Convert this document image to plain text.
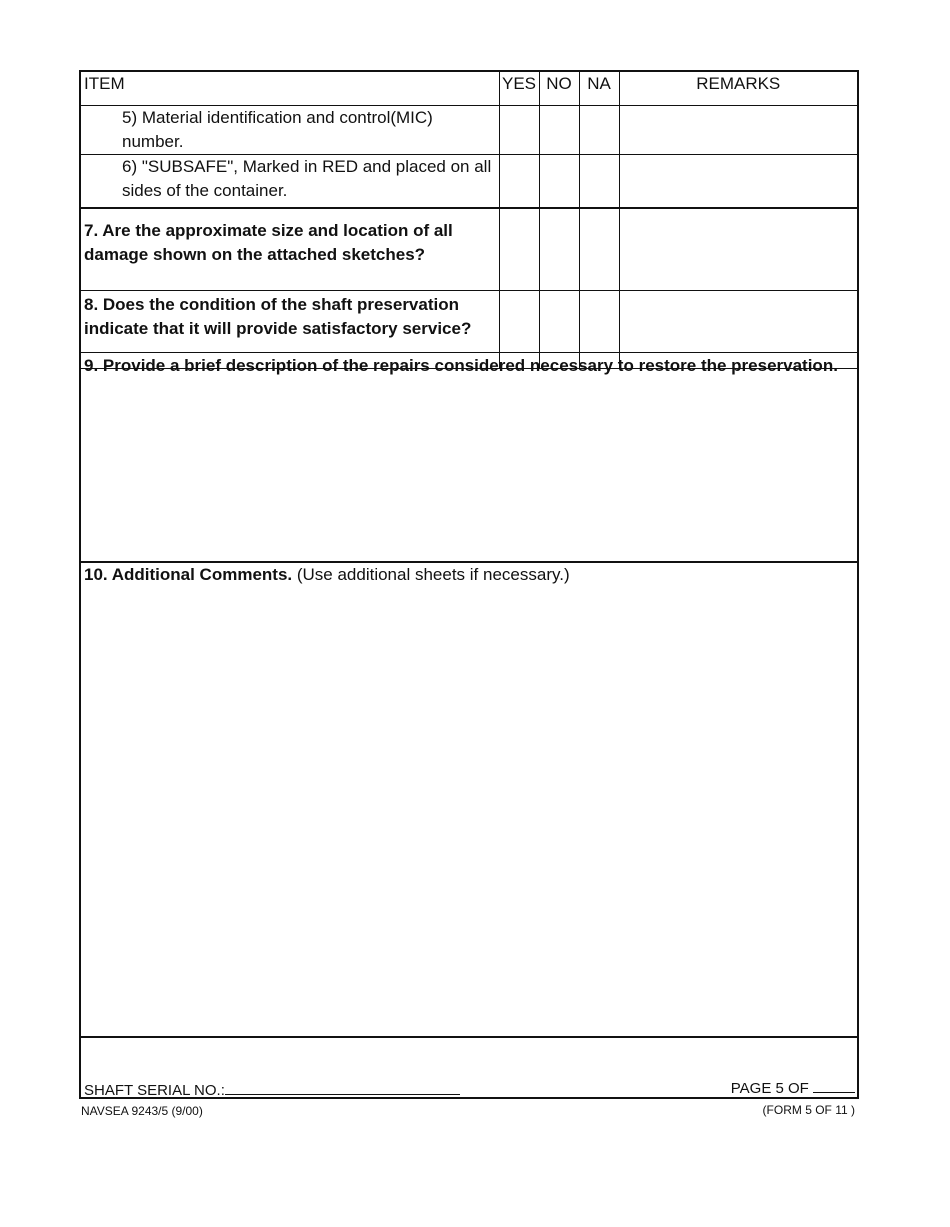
ITEM	YES	NO	NA	REMARKS
5) Material identification and control(MIC) number.				
6) "SUBSAFE", Marked in RED and placed on all sides of the container.				
7. Are the approximate size and location of all damage shown on the attached sketches?				
8. Does the condition of the shaft preservation indicate that it will provide satisfactory service?				
9. Provide a brief description of the repairs considered necessary to restore the preservation.
10. Additional Comments. (Use additional sheets if necessary.)
SHAFT SERIAL NO.:	PAGE 5 OF
NAVSEA 9243/5 (9/00)	(FORM 5 OF 11 )
